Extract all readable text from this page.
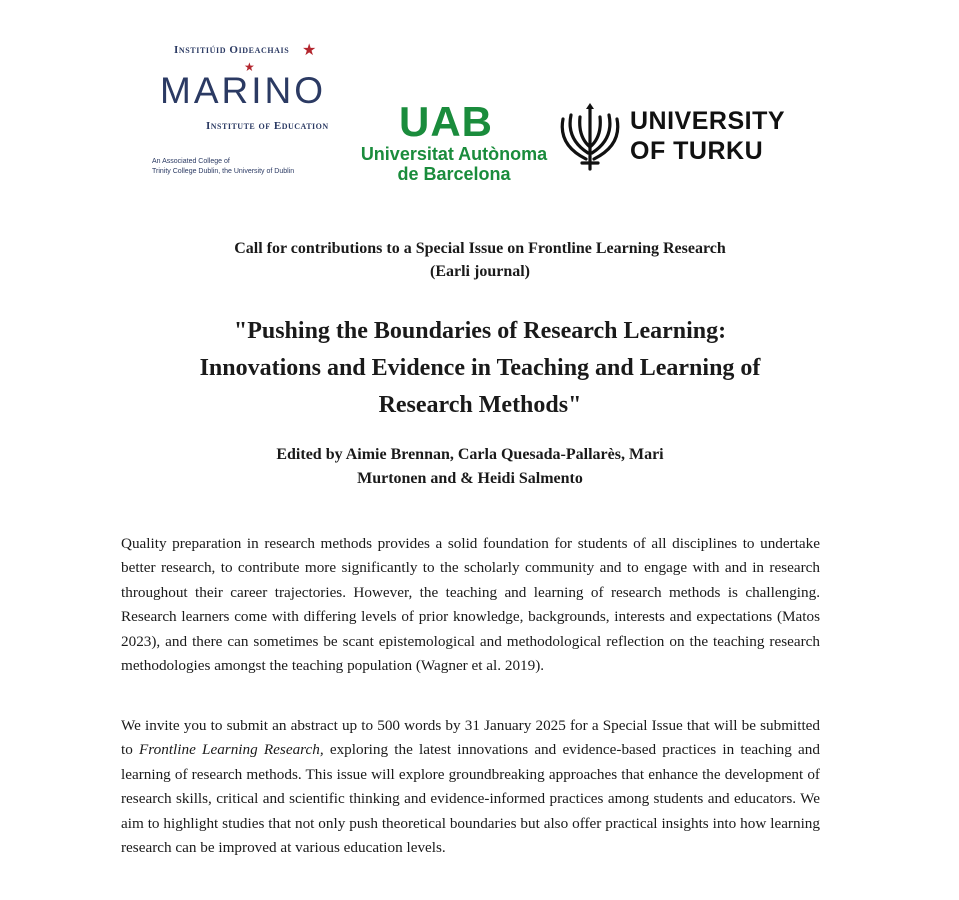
Institiúid Oideachais ★
MARINO
★
Institute of Education
An Associated College of
Trinity College Dublin, the University of Dublin
UAB
Universitat Autònoma
de Barcelona
UNIVERSITY
OF TURKU
Call for contributions to a Special Issue on Frontline Learning Research
(Earli journal)
"Pushing the Boundaries of Research Learning:
Innovations and Evidence in Teaching and Learning of
Research Methods"
Edited by Aimie Brennan, Carla Quesada-Pallarès, Mari
Murtonen and & Heidi Salmento
Quality preparation in research methods provides a solid foundation for students of all disciplines to undertake better research, to contribute more significantly to the scholarly community and to engage with and in research throughout their career trajectories. However, the teaching and learning of research methods is challenging. Research learners come with differing levels of prior knowledge, backgrounds, interests and expectations (Matos 2023), and there can sometimes be scant epistemological and methodological reflection on the teaching research methodologies amongst the teaching population (Wagner et al. 2019).
We invite you to submit an abstract up to 500 words by 31 January 2025 for a Special Issue that will be submitted to Frontline Learning Research, exploring the latest innovations and evidence-based practices in teaching and learning of research methods. This issue will explore groundbreaking approaches that enhance the development of research skills, critical and scientific thinking and evidence-informed practices among students and educators. We aim to highlight studies that not only push theoretical boundaries but also offer practical insights into how learning research can be improved at various education levels.
